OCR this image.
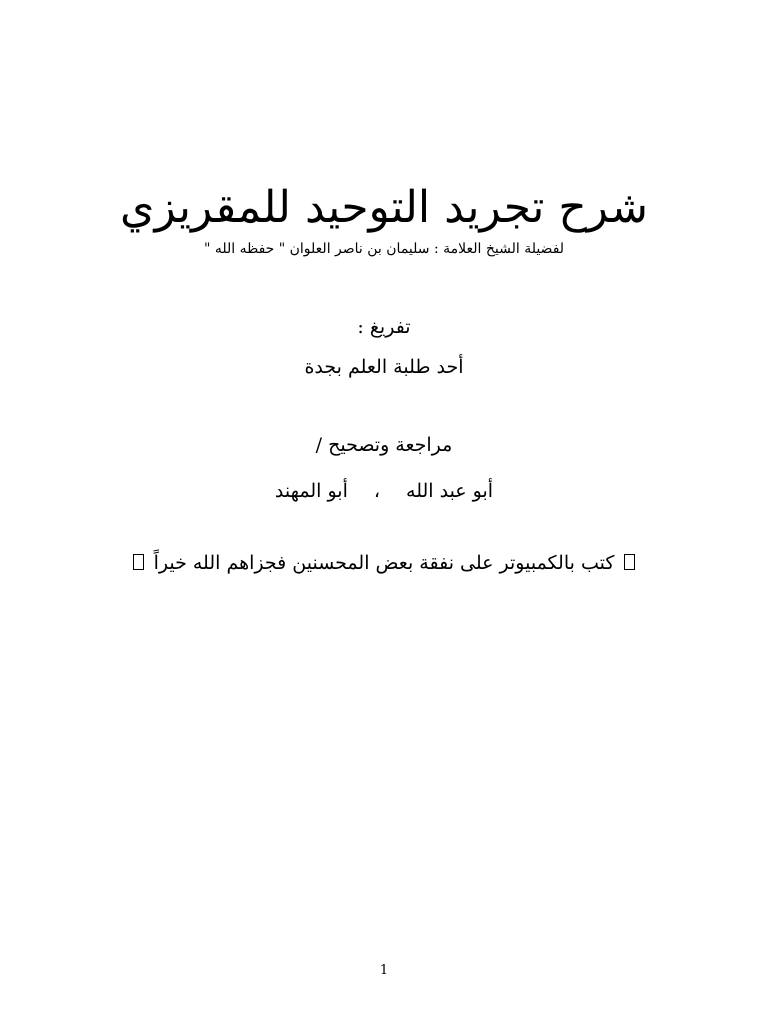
شرح تجريد التوحيد للمقريزي
لفضيلة الشيخ العلامة : سليمان بن ناصر العلوان " حفظه الله "
تفريغ :
أحد طلبة العلم بجدة
مراجعة وتصحيح /
أبو عبد الله،أبو المهند
كتب بالكمبيوتر على نفقة بعض المحسنين فجزاهم الله خيراً
1
